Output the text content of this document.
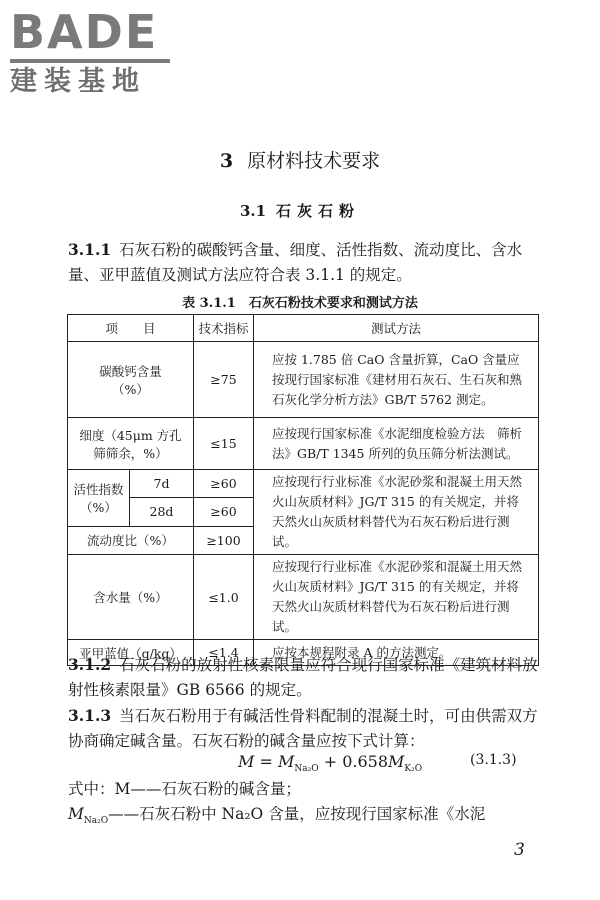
BADE
建装基地
3 原材料技术要求
3.1 石灰石粉
3.1.1 石灰石粉的碳酸钙含量、细度、活性指数、流动度比、含水量、亚甲蓝值及测试方法应符合表 3.1.1 的规定。
表 3.1.1　石灰石粉技术要求和测试方法
项　　目		技术指标	测试方法

碳酸钙含量
（%）		≥75	应按 1.785 倍 CaO 含量折算，CaO 含量应按现行国家标准《建材用石灰石、生石灰和熟石灰化学分析方法》GB/T 5762 测定。

细度（45μm 方孔
筛筛余，%）		≤15	应按现行国家标准《水泥细度检验方法　筛析法》GB/T 1345 所列的负压筛分析法测试。

活性指数
（%）	7d	≥60	应按现行行业标准《水泥砂浆和混凝土用天然火山灰质材料》JG/T 315 的有关规定，并将天然火山灰质材料替代为石灰石粉后进行测试。
	28d	≥60	
流动度比（%）		≥100	
含水量（%）		≤1.0	应按现行行业标准《水泥砂浆和混凝土用天然火山灰质材料》JG/T 315 的有关规定，并将天然火山灰质材料替代为石灰石粉后进行测试。
亚甲蓝值（g/kg）		≤1.4	应按本规程附录 A 的方法测定。
3.1.2 石灰石粉的放射性核素限量应符合现行国家标准《建筑材料放射性核素限量》GB 6566 的规定。
3.1.3 当石灰石粉用于有碱活性骨料配制的混凝土时，可由供需双方协商确定碱含量。石灰石粉的碱含量应按下式计算：
$M = M_{Na_2O} + 0.658M_{K_2O}$
(3.1.3)
式中：M——石灰石粉的碱含量；
$M_{Na_2O}——$石灰石粉中 Na₂O 含量，应按现行国家标准《水泥
3
